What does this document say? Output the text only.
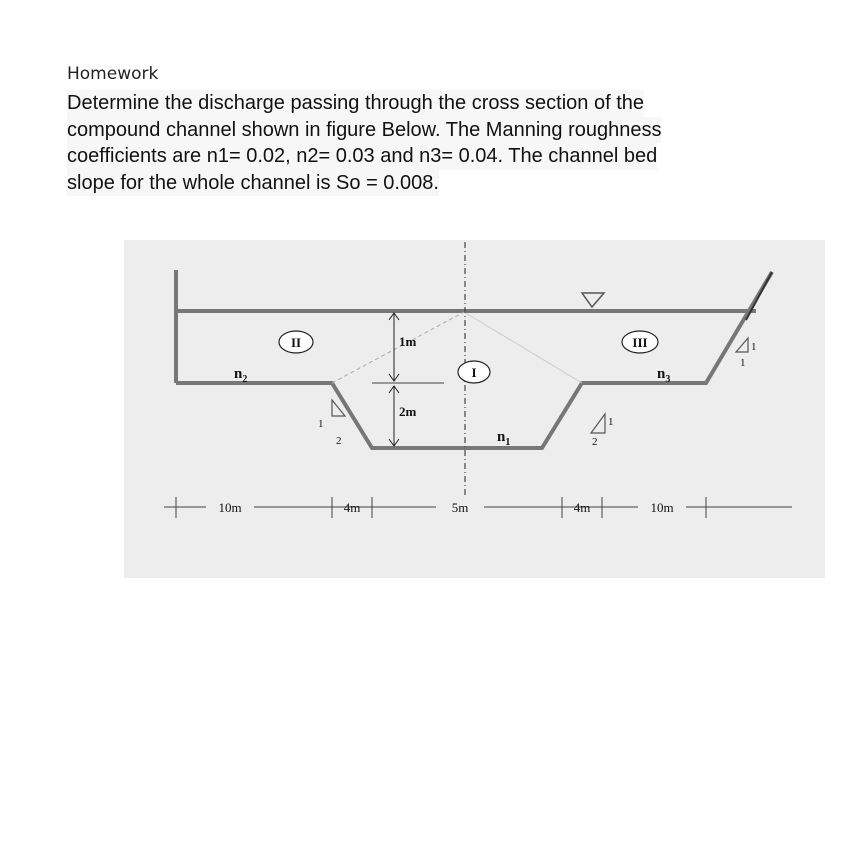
Homework
Determine the discharge passing through the cross section of the
compound channel shown in figure Below. The Manning roughness
coefficients are n1= 0.02, n2= 0.03 and n3= 0.04. The channel bed
slope for the whole channel is So = 0.008.
II
I
III
$n_2$
$n_1$
$n_3$
1m
2m
1
2
1
2
1
1
10m	4m	5m	4m	10m
